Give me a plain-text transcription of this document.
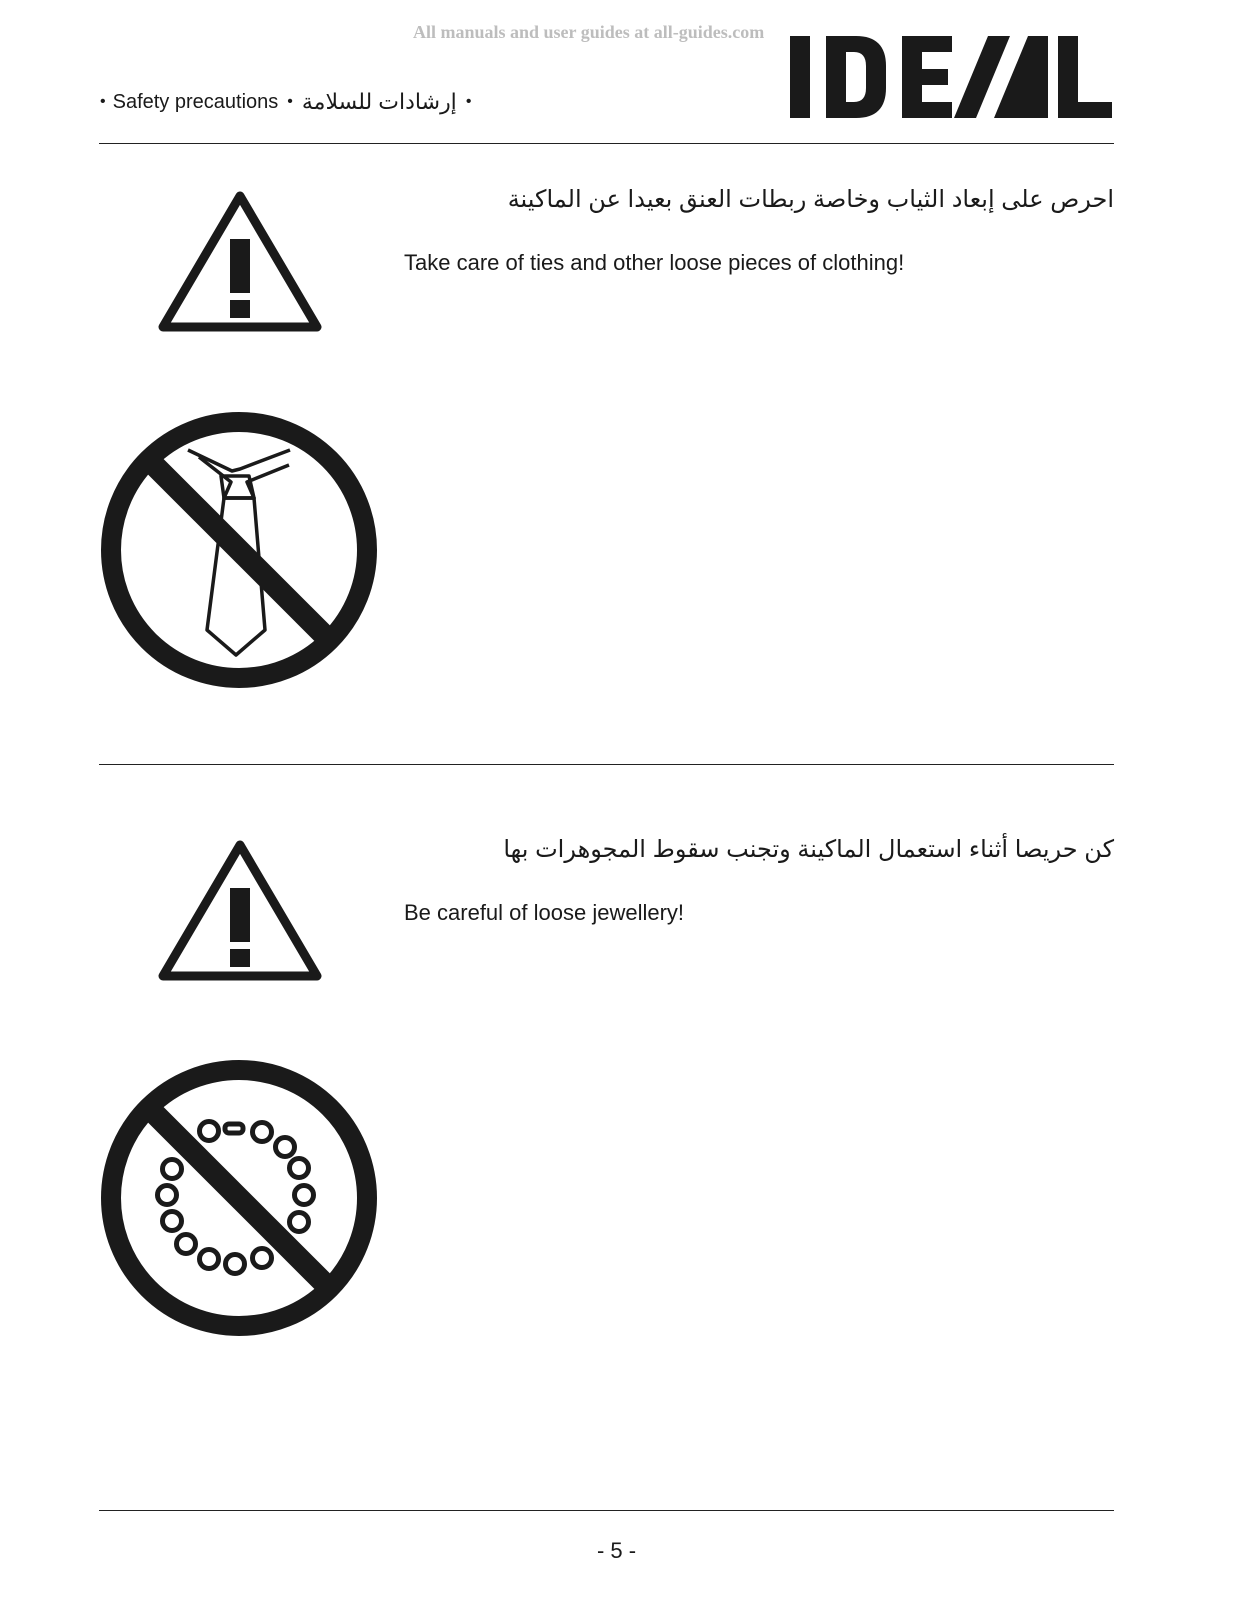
All manuals and user guides at all-guides.com
• Safety precautions • إرشادات للسلامة •
احرص على إبعاد الثياب وخاصة ربطات العنق بعيدا عن الماكينة
Take care of ties and other loose pieces of clothing!
كن حريصا أثناء استعمال الماكينة وتجنب سقوط المجوهرات بها
Be careful of loose jewellery!
- 5 -
